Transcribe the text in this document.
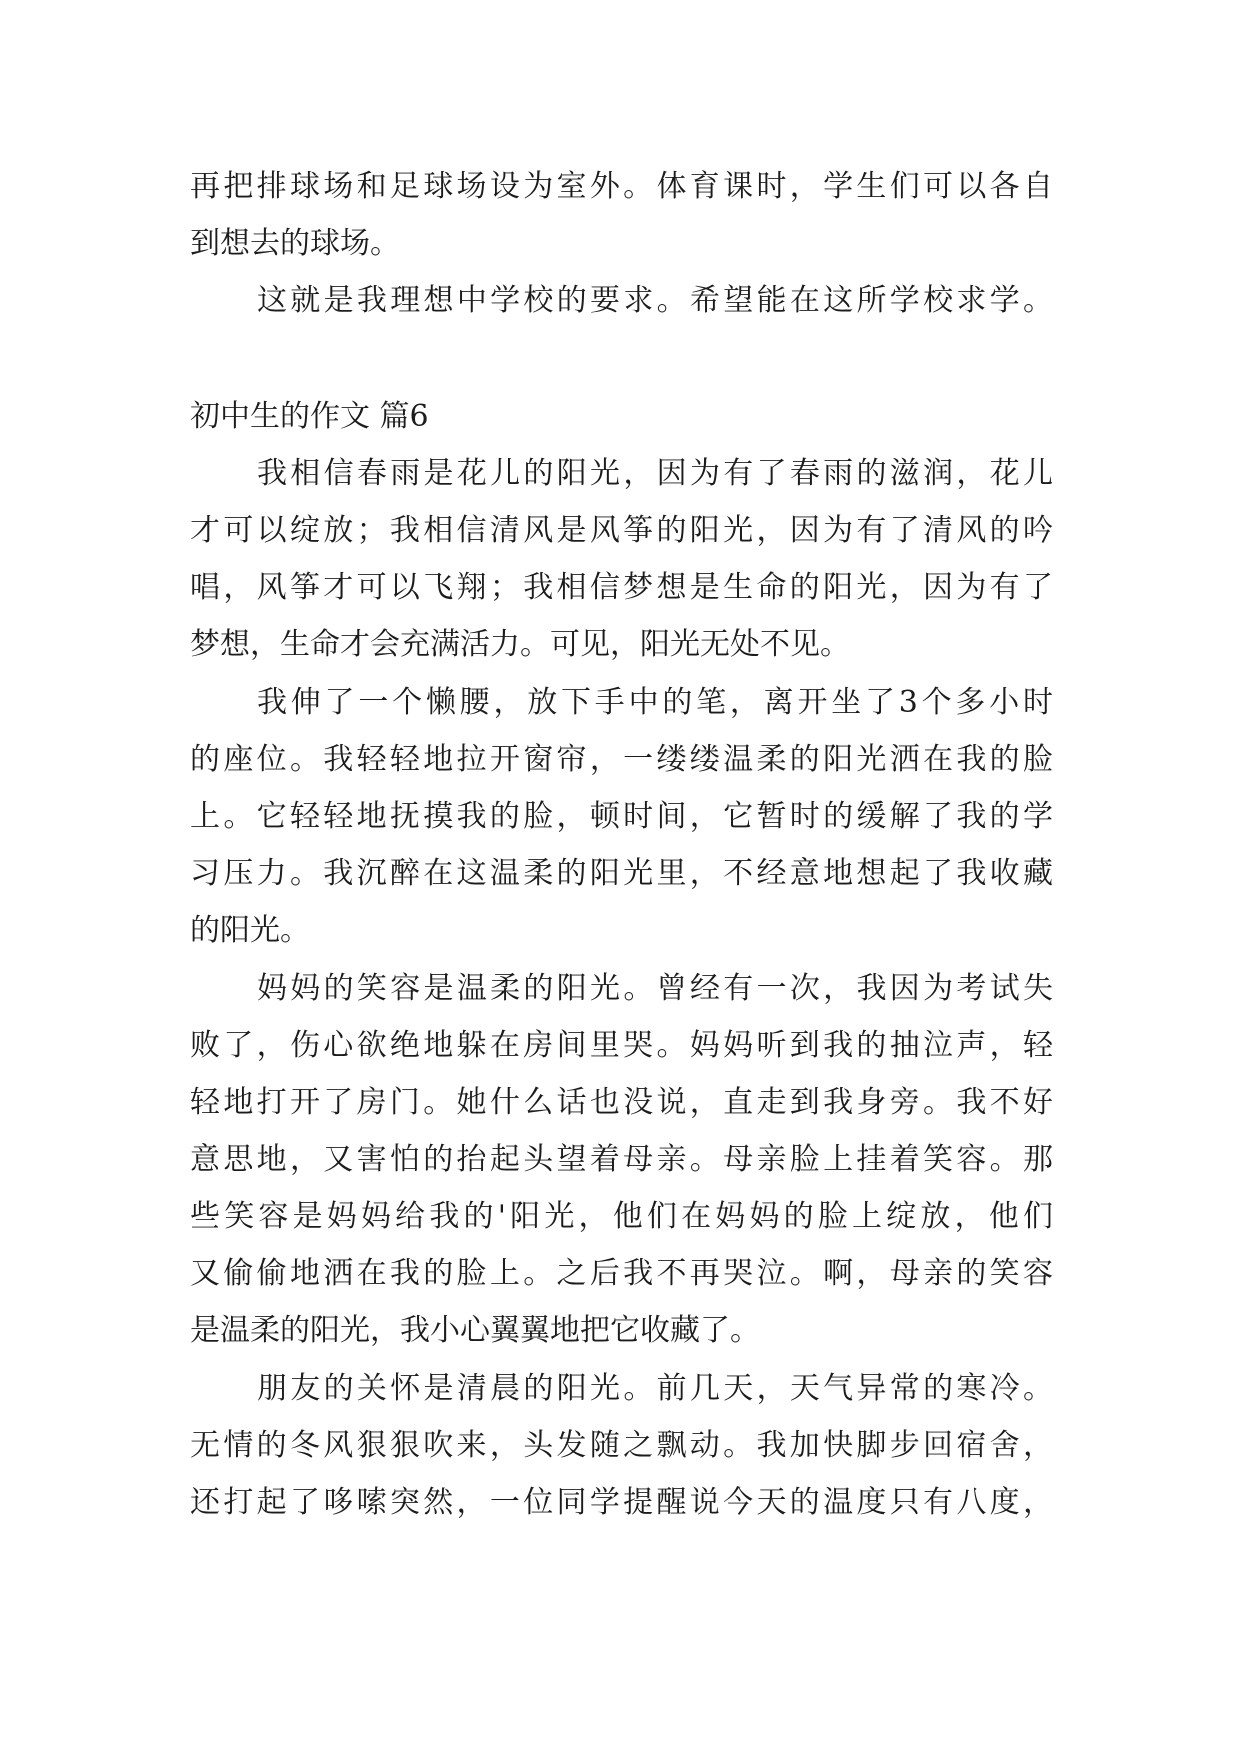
再把排球场和足球场设为室外。体育课时，学生们可以各自

到想去的球场。

这就是我理想中学校的要求。希望能在这所学校求学。

初中生的作文 篇6

我相信春雨是花儿的阳光，因为有了春雨的滋润，花儿

才可以绽放；我相信清风是风筝的阳光，因为有了清风的吟

唱，风筝才可以飞翔；我相信梦想是生命的阳光，因为有了

梦想，生命才会充满活力。可见，阳光无处不见。

我伸了一个懒腰，放下手中的笔，离开坐了3个多小时

的座位。我轻轻地拉开窗帘，一缕缕温柔的阳光洒在我的脸

上。它轻轻地抚摸我的脸，顿时间，它暂时的缓解了我的学

习压力。我沉醉在这温柔的阳光里，不经意地想起了我收藏

的阳光。

妈妈的笑容是温柔的阳光。曾经有一次，我因为考试失

败了，伤心欲绝地躲在房间里哭。妈妈听到我的抽泣声，轻

轻地打开了房门。她什么话也没说，直走到我身旁。我不好

意思地，又害怕的抬起头望着母亲。母亲脸上挂着笑容。那

些笑容是妈妈给我的'阳光，他们在妈妈的脸上绽放，他们

又偷偷地洒在我的脸上。之后我不再哭泣。啊，母亲的笑容

是温柔的阳光，我小心翼翼地把它收藏了。

朋友的关怀是清晨的阳光。前几天，天气异常的寒冷。

无情的冬风狠狠吹来，头发随之飘动。我加快脚步回宿舍，

还打起了哆嗦突然，一位同学提醒说今天的温度只有八度，
